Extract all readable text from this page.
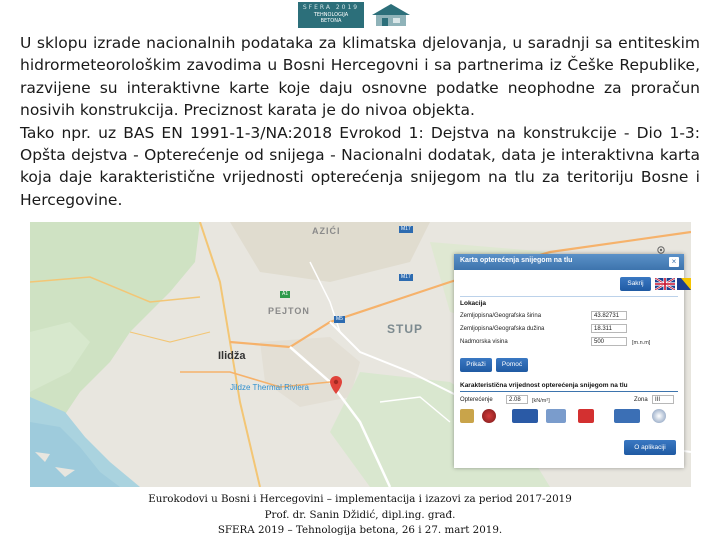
SFERA 2019
TEHNOLOGIJA
BETONA

U sklopu izrade nacionalnih podataka za klimatska djelovanja, u saradnji sa entiteskim hidrormeteorološkim zavodima u Bosni Hercegovni i sa partnerima iz Češke Republike, razvijene su interaktivne karte koje daju osnovne podatke neophodne za proračun nosivih konstrukcija. Preciznost karata je do nivoa objekta.

Tako npr. uz BAS EN 1991-1-3/NA:2018 Evrokod 1: Dejstva na konstrukcije - Dio 1-3: Opšta dejstva - Opterećenje od snijega - Nacionalni dodatak, data je interaktivna karta koja daje karakteristične vrijednosti opterećenja snijegom na tlu za teritoriju Bosne i Hercegovine.

AZIĆI
PEJTON
STUP
Ilidža
Jildze Thermal Riviera
M17
M17
A1
M5
Karta opterećenja snijegom na tlu	×
Sakrij
Lokacija
Zemljopisna/Geografska širina	43.82731
Zemljopisna/Geografska dužina	18.311
Nadmorska visina	500	[m.n.m]
Prikaži	Pomoć
Karakteristična vrijednost opterećenja snijegom na tlu
Opterećenje	2.08	[kN/m²]	Zona	III
O aplikaciji
Eurokodovi u Bosni i Hercegovini – implementacija i izazovi za period 2017-2019
Prof. dr. Sanin Džidić, dipl.ing. građ.
SFERA 2019 – Tehnologija betona, 26 i 27. mart 2019.
